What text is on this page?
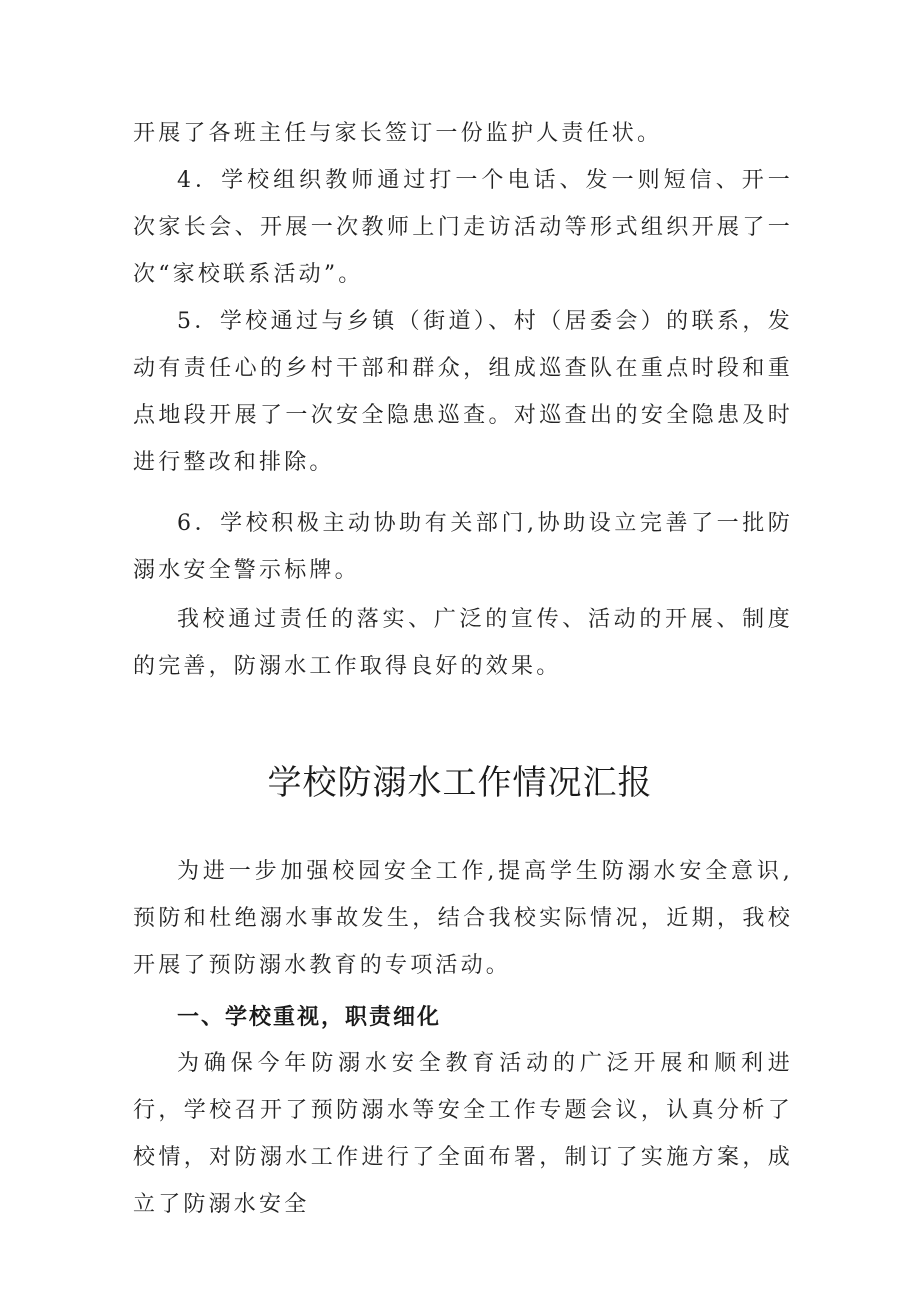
开展了各班主任与家长签订一份监护人责任状。

4．学校组织教师通过打一个电话、发一则短信、开一次家长会、开展一次教师上门走访活动等形式组织开展了一次“家校联系活动”。

5．学校通过与乡镇（街道）、村（居委会）的联系，发动有责任心的乡村干部和群众，组成巡查队在重点时段和重点地段开展了一次安全隐患巡查。对巡查出的安全隐患及时进行整改和排除。

6．学校积极主动协助有关部门,协助设立完善了一批防溺水安全警示标牌。

我校通过责任的落实、广泛的宣传、活动的开展、制度的完善，防溺水工作取得良好的效果。

学校防溺水工作情况汇报

为进一步加强校园安全工作,提高学生防溺水安全意识,预防和杜绝溺水事故发生，结合我校实际情况，近期，我校开展了预防溺水教育的专项活动。

一、学校重视，职责细化

为确保今年防溺水安全教育活动的广泛开展和顺利进行，学校召开了预防溺水等安全工作专题会议，认真分析了校情，对防溺水工作进行了全面布署，制订了实施方案，成立了防溺水安全
